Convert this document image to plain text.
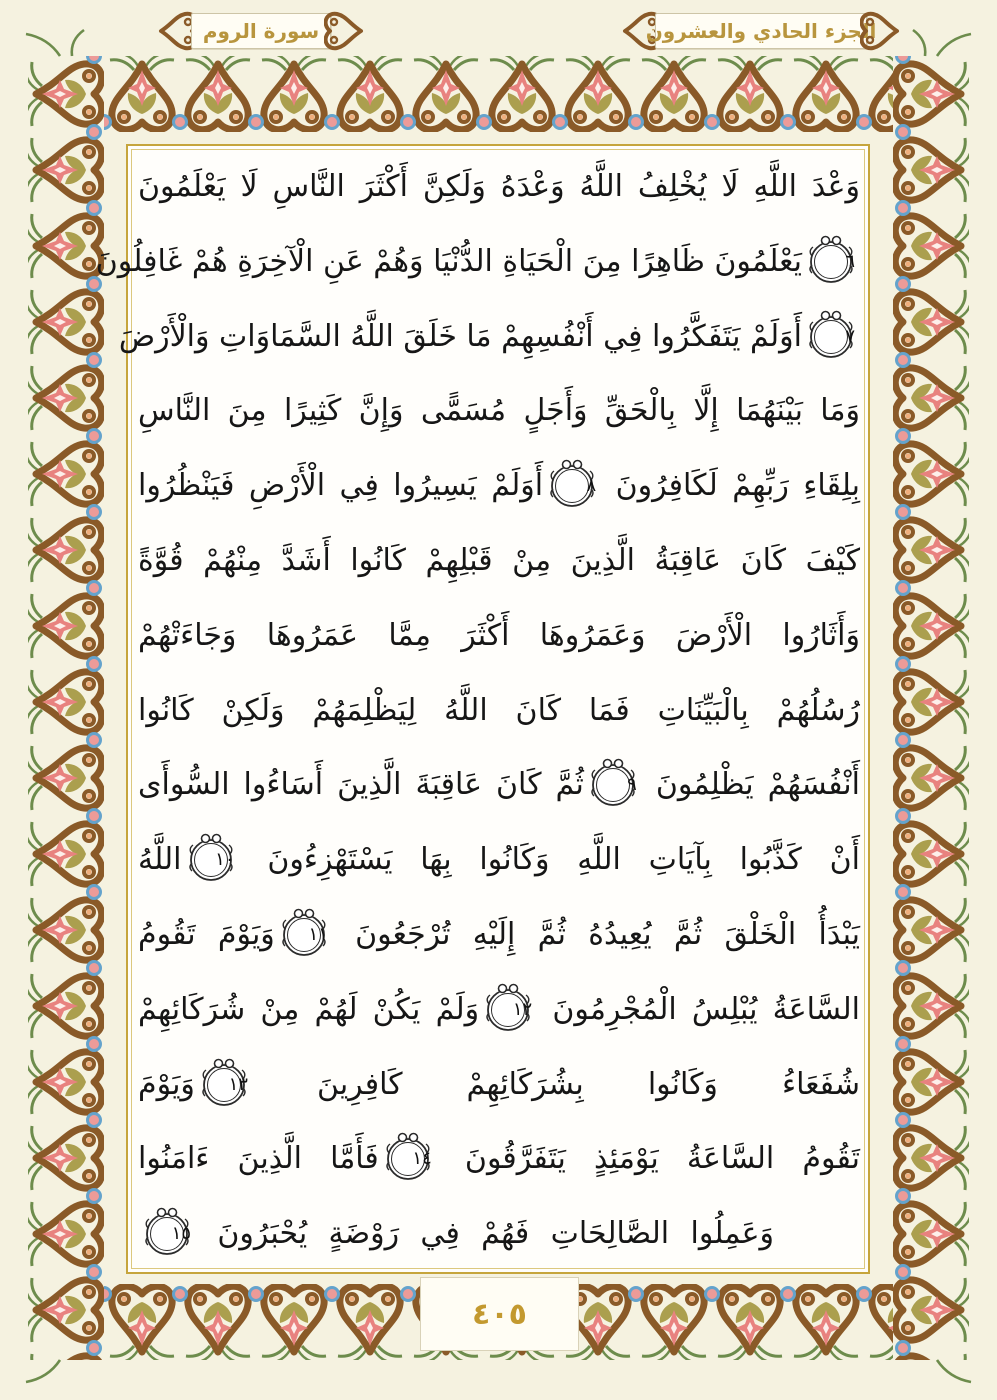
سورة الروم	الجزء الحادي والعشرون
وَعْدَ اللَّهِ لَا يُخْلِفُ اللَّهُ وَعْدَهُ وَلَكِنَّ أَكْثَرَ النَّاسِ لَا يَعْلَمُونَ
٦
يَعْلَمُونَ ظَاهِرًا مِنَ الْحَيَاةِ الدُّنْيَا وَهُمْ عَنِ الْآخِرَةِ هُمْ غَافِلُونَ
٧
أَوَلَمْ يَتَفَكَّرُوا فِي أَنْفُسِهِمْ مَا خَلَقَ اللَّهُ السَّمَاوَاتِ وَالْأَرْضَ
وَمَا بَيْنَهُمَا إِلَّا بِالْحَقِّ وَأَجَلٍ مُسَمًّى وَإِنَّ كَثِيرًا مِنَ النَّاسِ
بِلِقَاءِ رَبِّهِمْ لَكَافِرُونَ
٨
أَوَلَمْ يَسِيرُوا فِي الْأَرْضِ فَيَنْظُرُوا
كَيْفَ كَانَ عَاقِبَةُ الَّذِينَ مِنْ قَبْلِهِمْ كَانُوا أَشَدَّ مِنْهُمْ قُوَّةً
وَأَثَارُوا الْأَرْضَ وَعَمَرُوهَا أَكْثَرَ مِمَّا عَمَرُوهَا وَجَاءَتْهُمْ
رُسُلُهُمْ بِالْبَيِّنَاتِ فَمَا كَانَ اللَّهُ لِيَظْلِمَهُمْ وَلَكِنْ كَانُوا
أَنْفُسَهُمْ يَظْلِمُونَ
٩
ثُمَّ كَانَ عَاقِبَةَ الَّذِينَ أَسَاءُوا السُّوأَى
أَنْ كَذَّبُوا بِآيَاتِ اللَّهِ وَكَانُوا بِهَا يَسْتَهْزِءُونَ
١٠
اللَّهُ
يَبْدَأُ الْخَلْقَ ثُمَّ يُعِيدُهُ ثُمَّ إِلَيْهِ تُرْجَعُونَ
١١
وَيَوْمَ تَقُومُ
السَّاعَةُ يُبْلِسُ الْمُجْرِمُونَ
١٢
وَلَمْ يَكُنْ لَهُمْ مِنْ شُرَكَائِهِمْ
شُفَعَاءُ وَكَانُوا بِشُرَكَائِهِمْ كَافِرِينَ
١٣
وَيَوْمَ
تَقُومُ السَّاعَةُ يَوْمَئِذٍ يَتَفَرَّقُونَ
١٤
فَأَمَّا الَّذِينَ ءَامَنُوا
وَعَمِلُوا الصَّالِحَاتِ فَهُمْ فِي رَوْضَةٍ يُحْبَرُونَ
١٥
٤٠٥
